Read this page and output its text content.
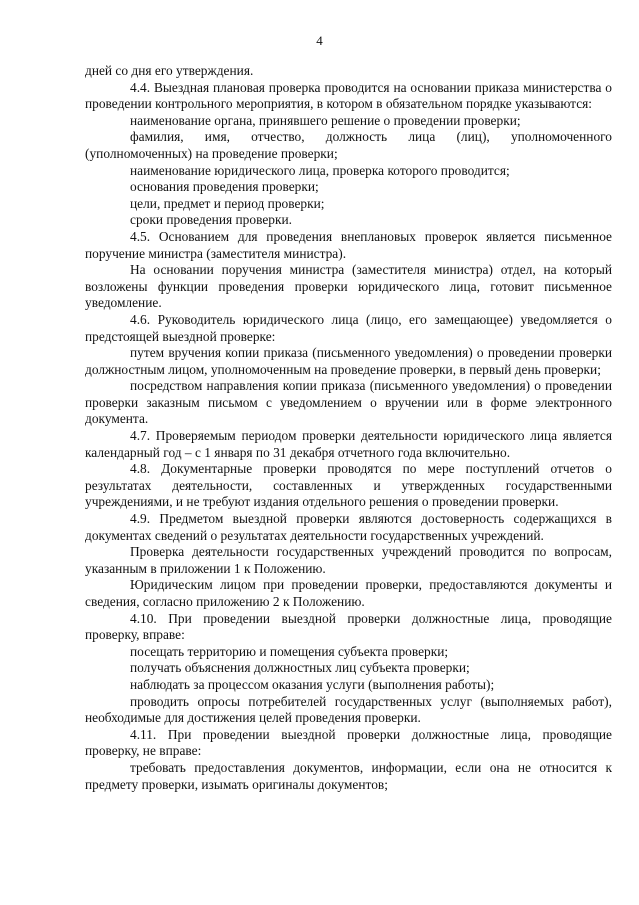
4

дней со дня его утверждения.

4.4. Выездная плановая проверка проводится на основании приказа министерства о проведении контрольного мероприятия, в котором в обязательном порядке указываются:

наименование органа, принявшего решение о проведении проверки;

фамилия, имя, отчество, должность лица (лиц), уполномоченного (уполномоченных) на проведение проверки;

наименование юридического лица, проверка которого проводится;

основания проведения проверки;

цели, предмет и период проверки;

сроки проведения проверки.

4.5. Основанием для проведения внеплановых проверок является письменное поручение министра (заместителя министра).

На основании поручения министра (заместителя министра) отдел, на который возложены функции проведения проверки юридического лица, готовит письменное уведомление.

4.6. Руководитель юридического лица (лицо, его замещающее) уведомляется о предстоящей выездной проверке:

путем вручения копии приказа (письменного уведомления) о проведении проверки должностным лицом, уполномоченным на проведение проверки, в первый день проверки;

посредством направления копии приказа (письменного уведомления) о проведении проверки заказным письмом с уведомлением о вручении или в форме электронного документа.

4.7. Проверяемым периодом проверки деятельности юридического лица является календарный год – с 1 января по 31 декабря отчетного года включительно.

4.8. Документарные проверки проводятся по мере поступлений отчетов о результатах деятельности, составленных и утвержденных государственными учреждениями, и не требуют издания отдельного решения о проведении проверки.

4.9. Предметом выездной проверки являются достоверность содержащихся в документах сведений о результатах деятельности государственных учреждений.

Проверка деятельности государственных учреждений проводится по вопросам, указанным в приложении 1 к Положению.

Юридическим лицом при проведении проверки, предоставляются документы и сведения, согласно приложению 2 к Положению.

4.10. При проведении выездной проверки должностные лица, проводящие проверку, вправе:

посещать территорию и помещения субъекта проверки;

получать объяснения должностных лиц субъекта проверки;

наблюдать за процессом оказания услуги (выполнения работы);

проводить опросы потребителей государственных услуг (выполняемых работ), необходимые для достижения целей проведения проверки.

4.11. При проведении выездной проверки должностные лица, проводящие проверку, не вправе:

требовать предоставления документов, информации, если она не относится к предмету проверки, изымать оригиналы документов;
